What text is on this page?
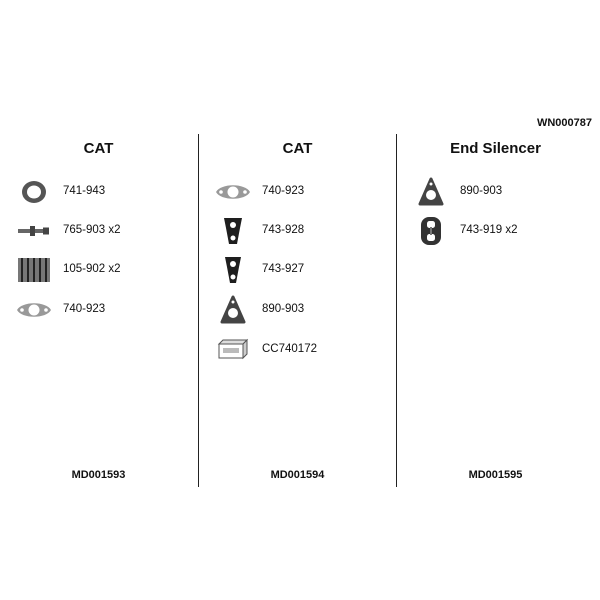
WN000787
CAT
741-943
765-903 x2
105-902 x2
740-923
MD001593
CAT
740-923
743-928
743-927
890-903
CC740172
MD001594
End Silencer
890-903
743-919 x2
MD001595
